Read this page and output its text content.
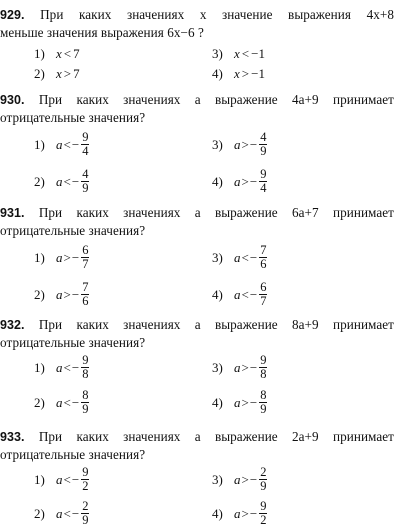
929. При каких значениях x значение выражения 4x+8
меньше значения выражения 6x−6 ?
1) x < 7	3) x < −1
2) x > 7	4) x > −1
930. При каких значениях a выражение 4a+9 принимает
отрицательные значения?
1) a < − $\frac{9}{4}$	3) a > − $\frac{4}{9}$
2) a < − $\frac{4}{9}$	4) a > − $\frac{9}{4}$
931. При каких значениях a выражение 6a+7 принимает
отрицательные значения?
1) a > − $\frac{6}{7}$	3) a < − $\frac{7}{6}$
2) a > − $\frac{7}{6}$	4) a < − $\frac{6}{7}$
932. При каких значениях a выражение 8a+9 принимает
отрицательные значения?
1) a < − $\frac{9}{8}$	3) a > − $\frac{9}{8}$
2) a < − $\frac{8}{9}$	4) a > − $\frac{8}{9}$
933. При каких значениях a выражение 2a+9 принимает
отрицательные значения?
1) a < − $\frac{9}{2}$	3) a > − $\frac{2}{9}$
2) a < − $\frac{2}{9}$	4) a > − $\frac{9}{2}$
